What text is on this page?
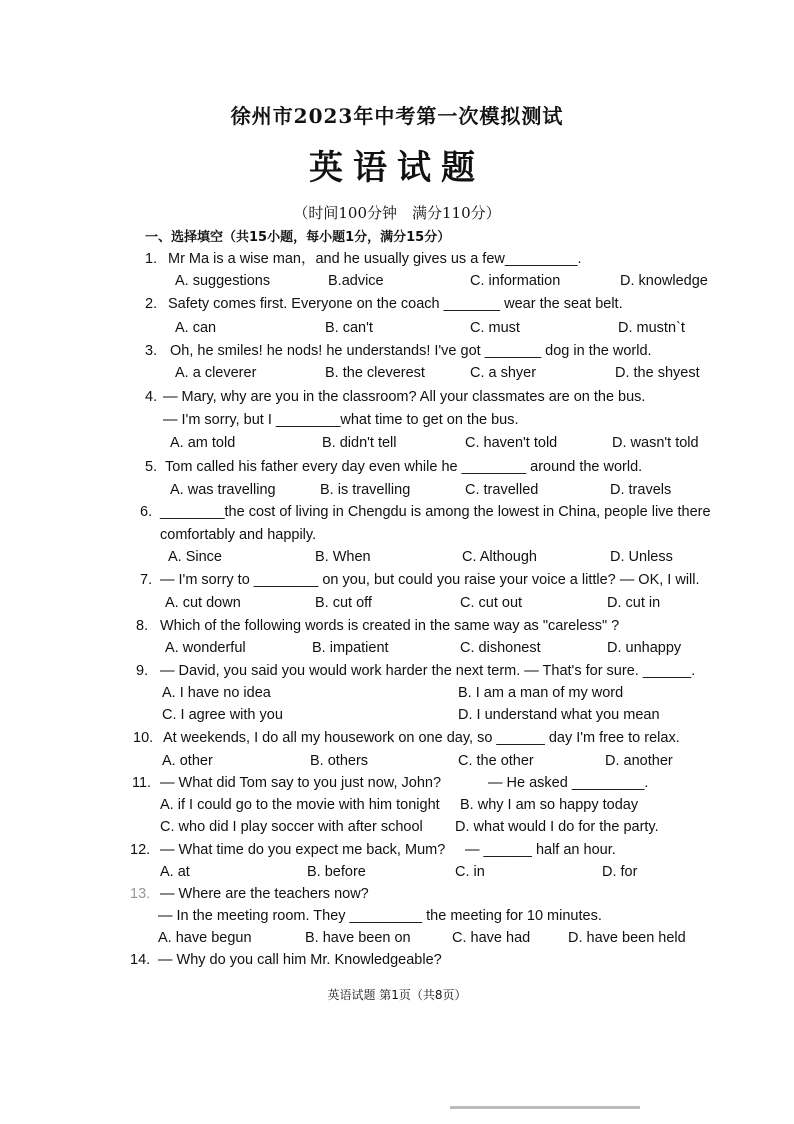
徐州市2023年中考第一次模拟测试
英语试题
（时间100分钟　满分110分）
一、选择填空（共15小题，每小题1分，满分15分）
1. Mr Ma is a wise man，and he usually gives us a few_________.
A. suggestions	B.advice	C. information	D. knowledge
2. Safety comes first. Everyone on the coach _______ wear the seat belt.
A. can	B. can't	C. must	D. mustn`t
3. Oh, he smiles! he nods! he understands! I've got _______ dog in the world.
A. a cleverer	B. the cleverest	C. a shyer	D. the shyest
4. — Mary, why are you in the classroom? All your classmates are on the bus.
— I'm sorry, but I ________what time to get on the bus.
A. am told	B. didn't tell	C. haven't told	D. wasn't told
5. Tom called his father every day even while he ________ around the world.
A. was travelling	B. is travelling	C. travelled	D. travels
6. ________the cost of living in Chengdu is among the lowest in China, people live there
comfortably and happily.
A. Since	B. When	C. Although	D. Unless
7. — I'm sorry to ________ on you, but could you raise your voice a little? — OK, I will.
A. cut down	B. cut off	C. cut out	D. cut in
8. Which of the following words is created in the same way as "careless" ?
A. wonderful	B. impatient	C. dishonest	D. unhappy
9. — David, you said you would work harder the next term. — That's for sure. ______.
A. I have no idea	B. I am a man of my word
C. I agree with you	D. I understand what you mean
10. At weekends, I do all my housework on one day, so ______ day I'm free to relax.
A. other	B. others	C. the other	D. another
11. — What did Tom say to you just now, John?	— He asked _________.
A. if I could go to the movie with him tonight B. why I am so happy today
C. who did I play soccer with after school D. what would I do for the party.
12. — What time do you expect me back, Mum? — ______ half an hour.
A. at	B. before	C. in	D. for
13. — Where are the teachers now?
— In the meeting room. They _________ the meeting for 10 minutes.
A. have begun	B. have been on	C. have had	D. have been held
14. — Why do you call him Mr. Knowledgeable?
英语试题 第1页（共8页）
